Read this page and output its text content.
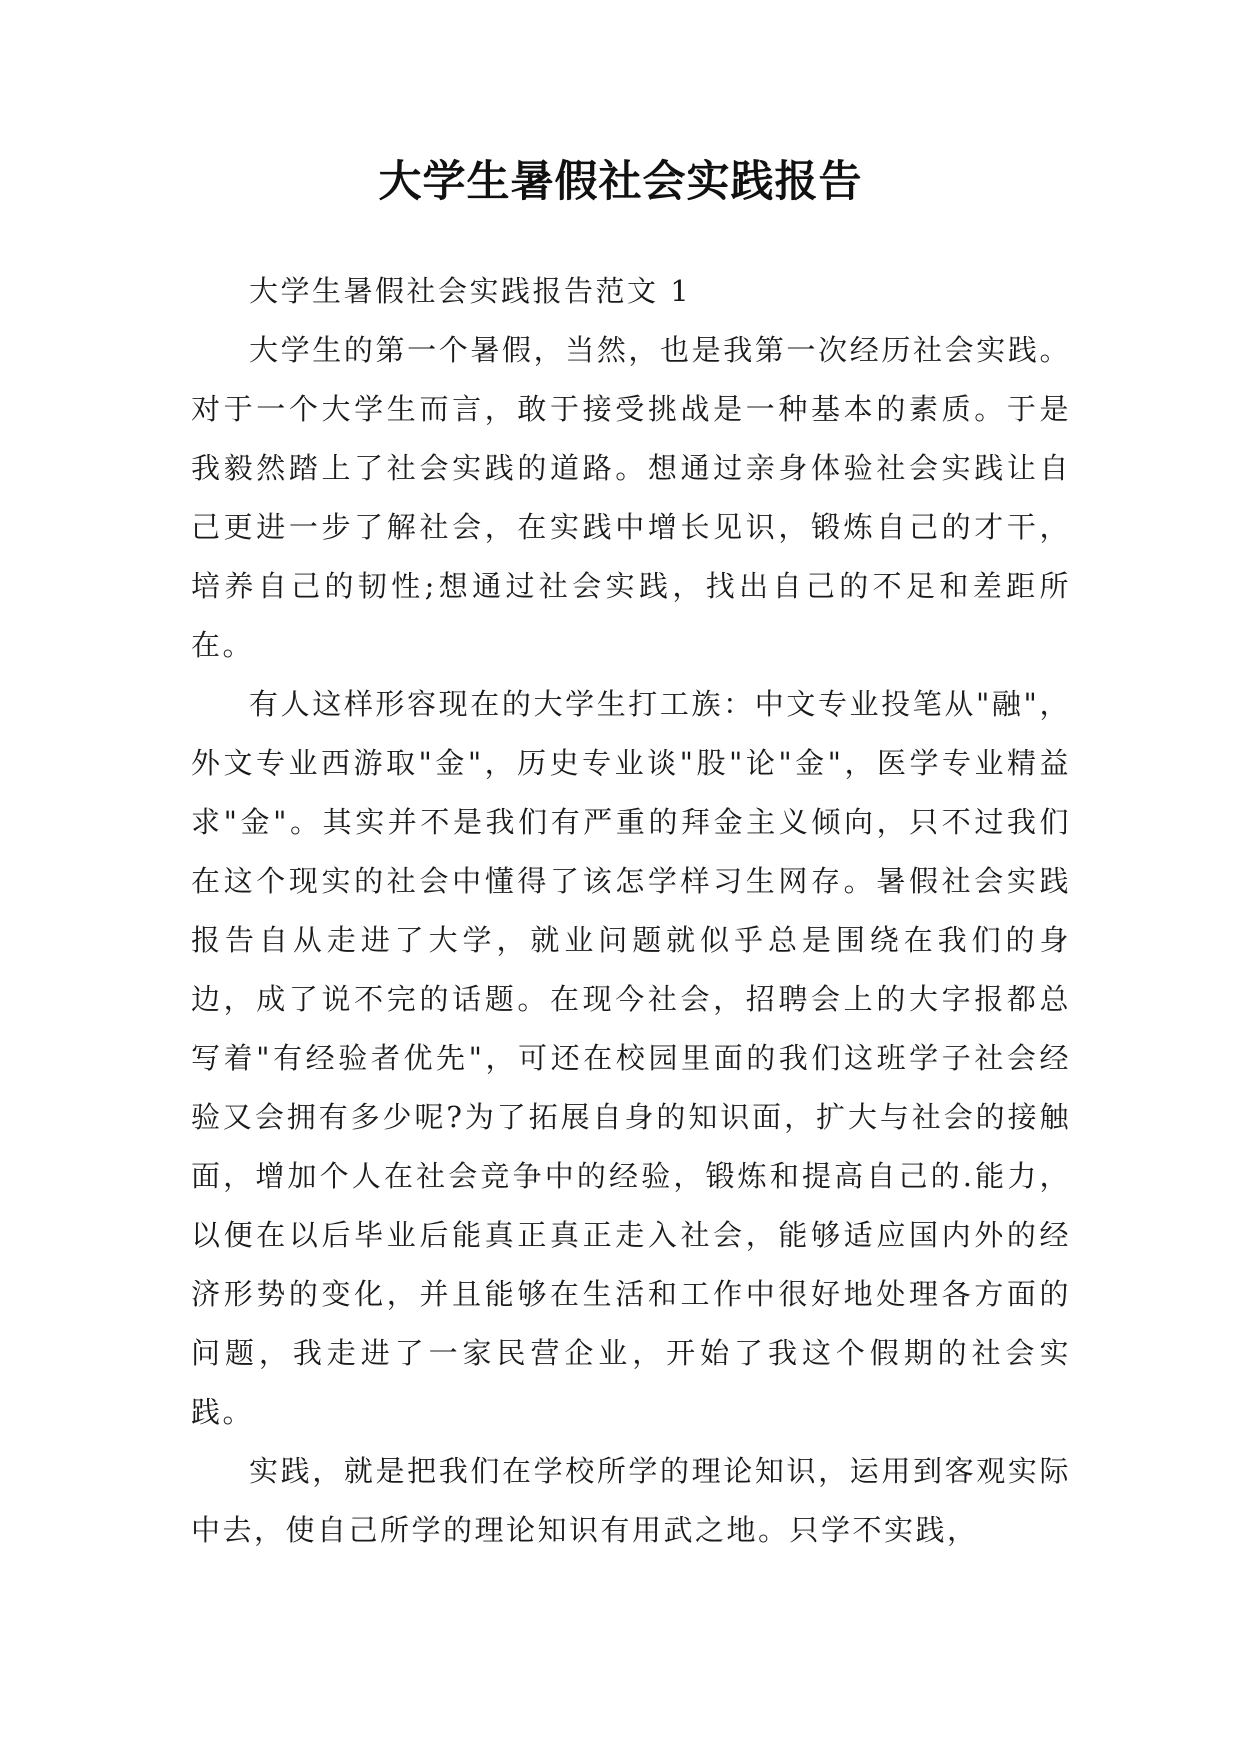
大学生暑假社会实践报告

大学生暑假社会实践报告范文 1

大学生的第一个暑假，当然，也是我第一次经历社会实践。对于一个大学生而言，敢于接受挑战是一种基本的素质。于是我毅然踏上了社会实践的道路。想通过亲身体验社会实践让自己更进一步了解社会，在实践中增长见识，锻炼自己的才干，培养自己的韧性;想通过社会实践，找出自己的不足和差距所在。

有人这样形容现在的大学生打工族：中文专业投笔从"融"，外文专业西游取"金"，历史专业谈"股"论"金"，医学专业精益求"金"。其实并不是我们有严重的拜金主义倾向，只不过我们在这个现实的社会中懂得了该怎学样习生网存。暑假社会实践报告自从走进了大学，就业问题就似乎总是围绕在我们的身边，成了说不完的话题。在现今社会，招聘会上的大字报都总写着"有经验者优先"，可还在校园里面的我们这班学子社会经验又会拥有多少呢?为了拓展自身的知识面，扩大与社会的接触面，增加个人在社会竞争中的经验，锻炼和提高自己的.能力，以便在以后毕业后能真正真正走入社会，能够适应国内外的经济形势的变化，并且能够在生活和工作中很好地处理各方面的问题，我走进了一家民营企业，开始了我这个假期的社会实践。

实践，就是把我们在学校所学的理论知识，运用到客观实际中去，使自己所学的理论知识有用武之地。只学不实践，
